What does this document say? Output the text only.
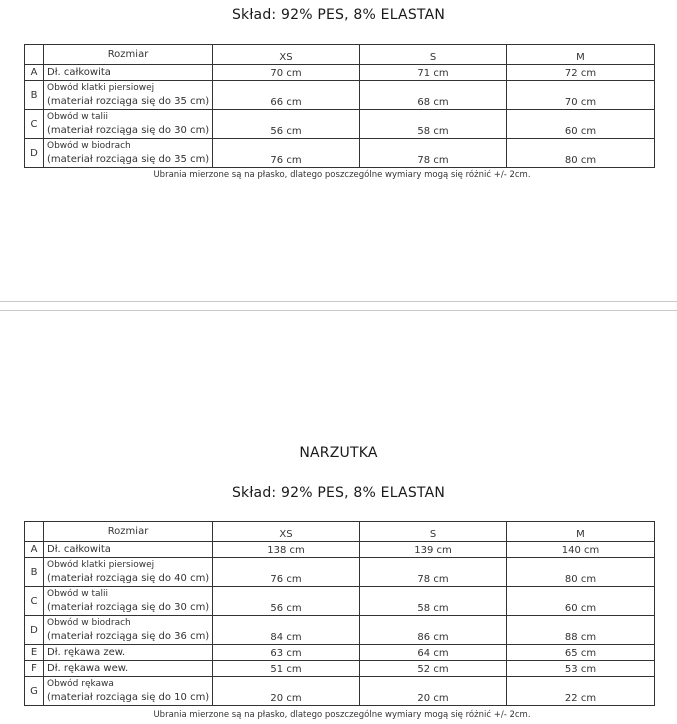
Skład: 92% PES, 8% ELASTAN
	Rozmiar	XS	S	M
A	Dł. całkowita	70 cm	71 cm	72 cm
B	Obwód klatki piersiowej
(materiał rozciąga się do 35 cm)	66 cm	68 cm	70 cm
C	Obwód w talii
(materiał rozciąga się do 30 cm)	56 cm	58 cm	60 cm
D	Obwód w biodrach
(materiał rozciąga się do 35 cm)	76 cm	78 cm	80 cm
Ubrania mierzone są na płasko, dlatego poszczególne wymiary mogą się różnić +/- 2cm.
NARZUTKA
Skład: 92% PES, 8% ELASTAN
	Rozmiar	XS	S	M
A	Dł. całkowita	138 cm	139 cm	140 cm
B	Obwód klatki piersiowej
(materiał rozciąga się do 40 cm)	76 cm	78 cm	80 cm
C	Obwód w talii
(materiał rozciąga się do 30 cm)	56 cm	58 cm	60 cm
D	Obwód w biodrach
(materiał rozciąga się do 36 cm)	84 cm	86 cm	88 cm
E	Dł. rękawa zew.	63 cm	64 cm	65 cm
F	Dł. rękawa wew.	51 cm	52 cm	53 cm
G	Obwód rękawa
(materiał rozciąga się do 10 cm)	20 cm	20 cm	22 cm
Ubrania mierzone są na płasko, dlatego poszczególne wymiary mogą się różnić +/- 2cm.
